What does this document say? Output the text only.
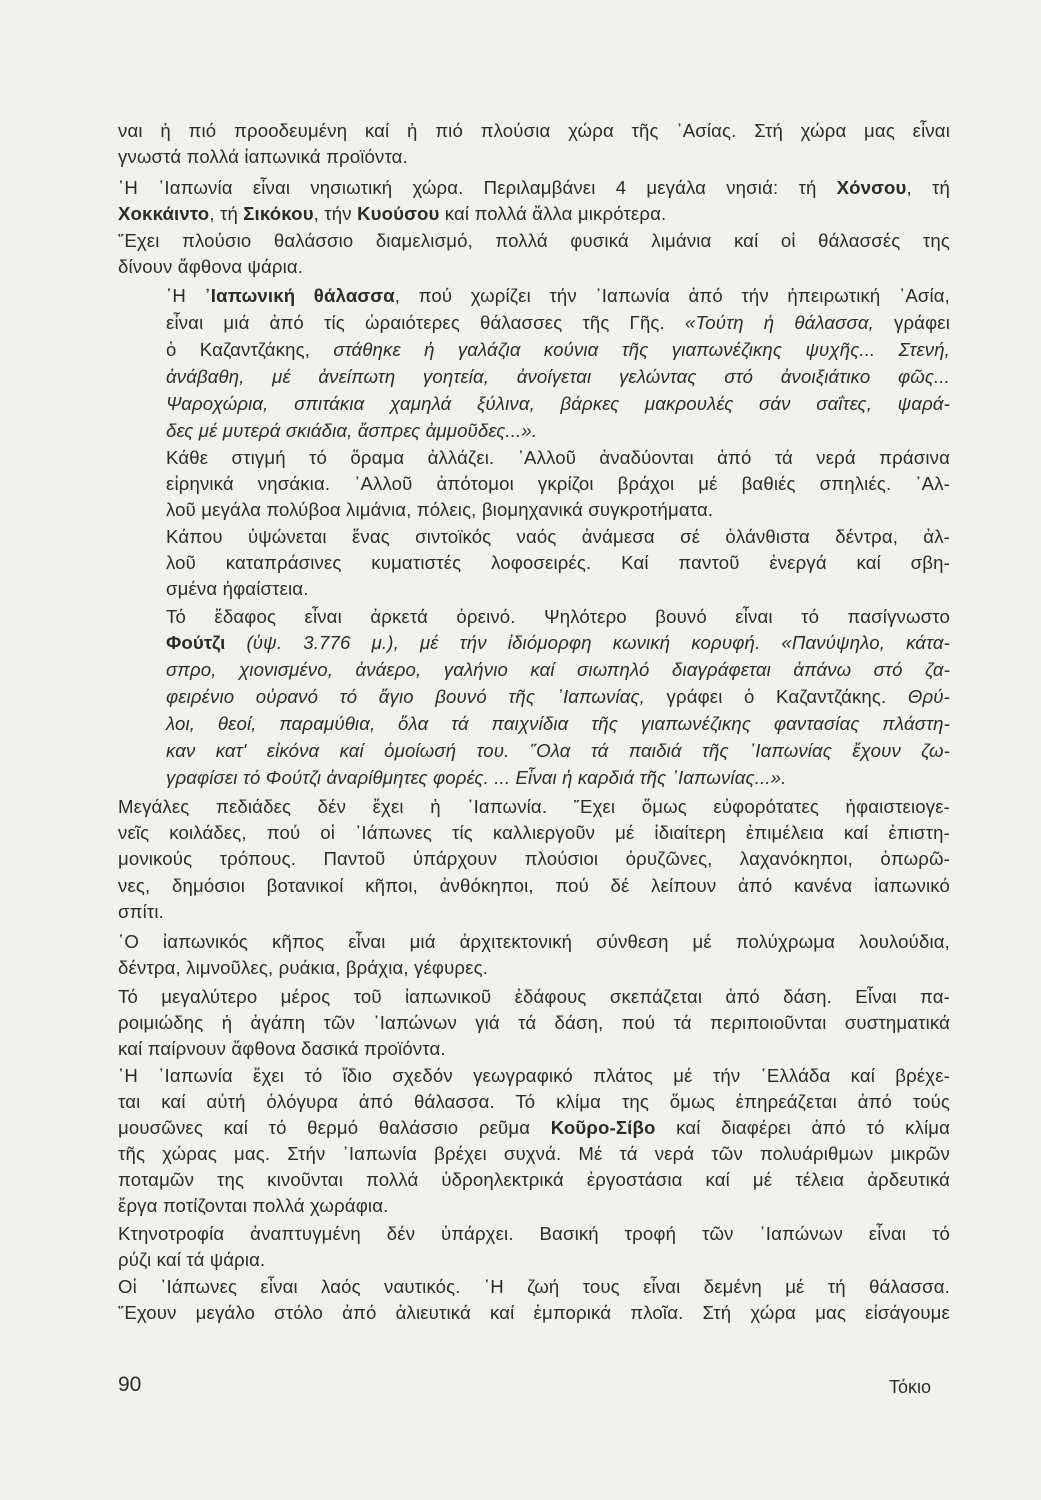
ναι ἡ πιό προοδευμένη καί ἡ πιό πλούσια χώρα τῆς ᾿Ασίας. Στή χώρα μας εἶναι
γνωστά πολλά ἰαπωνικά προϊόντα.
῾Η ᾿Ιαπωνία εἶναι νησιωτική χώρα. Περιλαμβάνει 4 μεγάλα νησιά: τή Χόνσου, τή
Χοκκάιντο, τή Σικόκου, τήν Κυούσου καί πολλά ἄλλα μικρότερα.
῎Εχει πλούσιο θαλάσσιο διαμελισμό, πολλά φυσικά λιμάνια καί οἱ θάλασσές της
δίνουν ἄφθονα ψάρια.
῾Η ᾿Ιαπωνική θάλασσα, πού χωρίζει τήν ᾿Ιαπωνία ἀπό τήν ἠπειρωτική ᾿Ασία,
εἶναι μιά ἀπό τίς ὡραιότερες θάλασσες τῆς Γῆς. «Τούτη ἡ θάλασσα, γράφει
ὁ Καζαντζάκης, στάθηκε ἡ γαλάζια κούνια τῆς γιαπωνέζικης ψυχῆς... Στενή,
ἀνάβαθη, μέ ἀνείπωτη γοητεία, ἀνοίγεται γελώντας στό ἀνοιξιάτικο φῶς...
Ψαροχώρια, σπιτάκια χαμηλά ξύλινα, βάρκες μακρουλές σάν σαΐτες, ψαρά-
δες μέ μυτερά σκιάδια, ἄσπρες ἀμμοῦδες...».
Κάθε στιγμή τό ὅραμα ἀλλάζει. ᾿Αλλοῦ ἀναδύονται ἀπό τά νερά πράσινα
εἰρηνικά νησάκια. ᾿Αλλοῦ ἀπότομοι γκρίζοι βράχοι μέ βαθιές σπηλιές. ᾿Αλ-
λοῦ μεγάλα πολύβοα λιμάνια, πόλεις, βιομηχανικά συγκροτήματα.
Κάπου ὑψώνεται ἕνας σιντοϊκός ναός ἀνάμεσα σέ ὁλάνθιστα δέντρα, ἀλ-
λοῦ καταπράσινες κυματιστές λοφοσειρές. Καί παντοῦ ἐνεργά καί σβη-
σμένα ἡφαίστεια.
Τό ἔδαφος εἶναι ἀρκετά ὀρεινό. Ψηλότερο βουνό εἶναι τό πασίγνωστο
Φούτζι (ὑψ. 3.776 μ.), μέ τήν ἰδιόμορφη κωνική κορυφή. «Πανύψηλο, κάτα-
σπρο, χιονισμένο, ἀνάερο, γαλήνιο καί σιωπηλό διαγράφεται ἀπάνω στό ζα-
φειρένιο οὐρανό τό ἅγιο βουνό τῆς ᾿Ιαπωνίας, γράφει ὁ Καζαντζάκης. Θρύ-
λοι, θεοί, παραμύθια, ὅλα τά παιχνίδια τῆς γιαπωνέζικης φαντασίας πλάστη-
καν κατ' εἰκόνα καί ὁμοίωσή του. ῞Ολα τά παιδιά τῆς ᾿Ιαπωνίας ἔχουν ζω-
γραφίσει τό Φούτζι ἀναρίθμητες φορές. ... Εἶναι ἡ καρδιά τῆς ᾿Ιαπωνίας...».
Μεγάλες πεδιάδες δέν ἔχει ἡ ᾿Ιαπωνία. ῎Εχει ὅμως εὐφορότατες ἡφαιστειογε-
νεῖς κοιλάδες, πού οἱ ᾿Ιάπωνες τίς καλλιεργοῦν μέ ἰδιαίτερη ἐπιμέλεια καί ἐπιστη-
μονικούς τρόπους. Παντοῦ ὑπάρχουν πλούσιοι ὀρυζῶνες, λαχανόκηποι, ὀπωρῶ-
νες, δημόσιοι βοτανικοί κῆποι, ἀνθόκηποι, πού δέ λείπουν ἀπό κανένα ἰαπωνικό
σπίτι.
῾Ο ἰαπωνικός κῆπος εἶναι μιά ἀρχιτεκτονική σύνθεση μέ πολύχρωμα λουλούδια,
δέντρα, λιμνοῦλες, ρυάκια, βράχια, γέφυρες.
Τό μεγαλύτερο μέρος τοῦ ἰαπωνικοῦ ἐδάφους σκεπάζεται ἀπό δάση. Εἶναι πα-
ροιμιώδης ἡ ἀγάπη τῶν ᾿Ιαπώνων γιά τά δάση, πού τά περιποιοῦνται συστηματικά
καί παίρνουν ἄφθονα δασικά προϊόντα.
῾Η ᾿Ιαπωνία ἔχει τό ἴδιο σχεδόν γεωγραφικό πλάτος μέ τήν ῾Ελλάδα καί βρέχε-
ται καί αὐτή ὁλόγυρα ἀπό θάλασσα. Τό κλίμα της ὅμως ἐπηρεάζεται ἀπό τούς
μουσῶνες καί τό θερμό θαλάσσιο ρεῦμα Κοῦρο-Σίβο καί διαφέρει ἀπό τό κλίμα
τῆς χώρας μας. Στήν ᾿Ιαπωνία βρέχει συχνά. Μέ τά νερά τῶν πολυάριθμων μικρῶν
ποταμῶν της κινοῦνται πολλά ὑδροηλεκτρικά ἐργοστάσια καί μέ τέλεια ἀρδευτικά
ἔργα ποτίζονται πολλά χωράφια.
Κτηνοτροφία ἀναπτυγμένη δέν ὑπάρχει. Βασική τροφή τῶν ᾿Ιαπώνων εἶναι τό
ρύζι καί τά ψάρια.
Οἱ ᾿Ιάπωνες εἶναι λαός ναυτικός. ῾Η ζωή τους εἶναι δεμένη μέ τή θάλασσα.
῎Εχουν μεγάλο στόλο ἀπό ἁλιευτικά καί ἐμπορικά πλοῖα. Στή χώρα μας εἰσάγουμε
90	Τόκιο
